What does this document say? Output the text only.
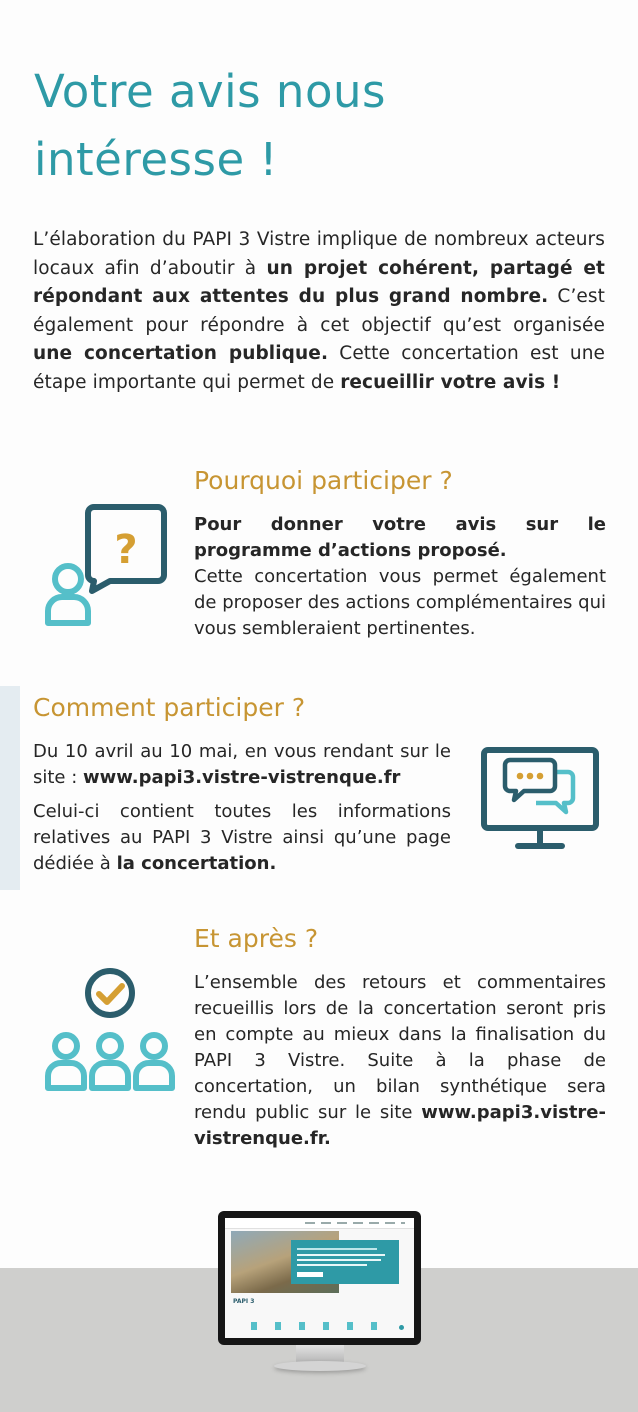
Votre avis nous intéresse !

L’élaboration du PAPI 3 Vistre implique de nombreux acteurs locaux afin d’aboutir à un projet cohérent, partagé et répondant aux attentes du plus grand nombre. C’est également pour répondre à cet objectif qu’est organisée une concertation publique. Cette concertation est une étape importante qui permet de recueillir votre avis !

?
Pourquoi participer ?

Pour donner votre avis sur le programme d’actions proposé.
Cette concertation vous permet également de proposer des actions complémentaires qui vous sembleraient pertinentes.

Comment participer ?

Du 10 avril au 10 mai, en vous rendant sur le site : www.papi3.vistre-vistrenque.fr

Celui-ci contient toutes les informations relatives au PAPI 3 Vistre ainsi qu’une page dédiée à la concertation.

Et après ?

L’ensemble des retours et commentaires recueillis lors de la concertation seront pris en compte au mieux dans la finalisation du PAPI 3 Vistre. Suite à la phase de concertation, un bilan synthétique sera rendu public sur le site www.papi3.vistre-vistrenque.fr.

PAPI 3
